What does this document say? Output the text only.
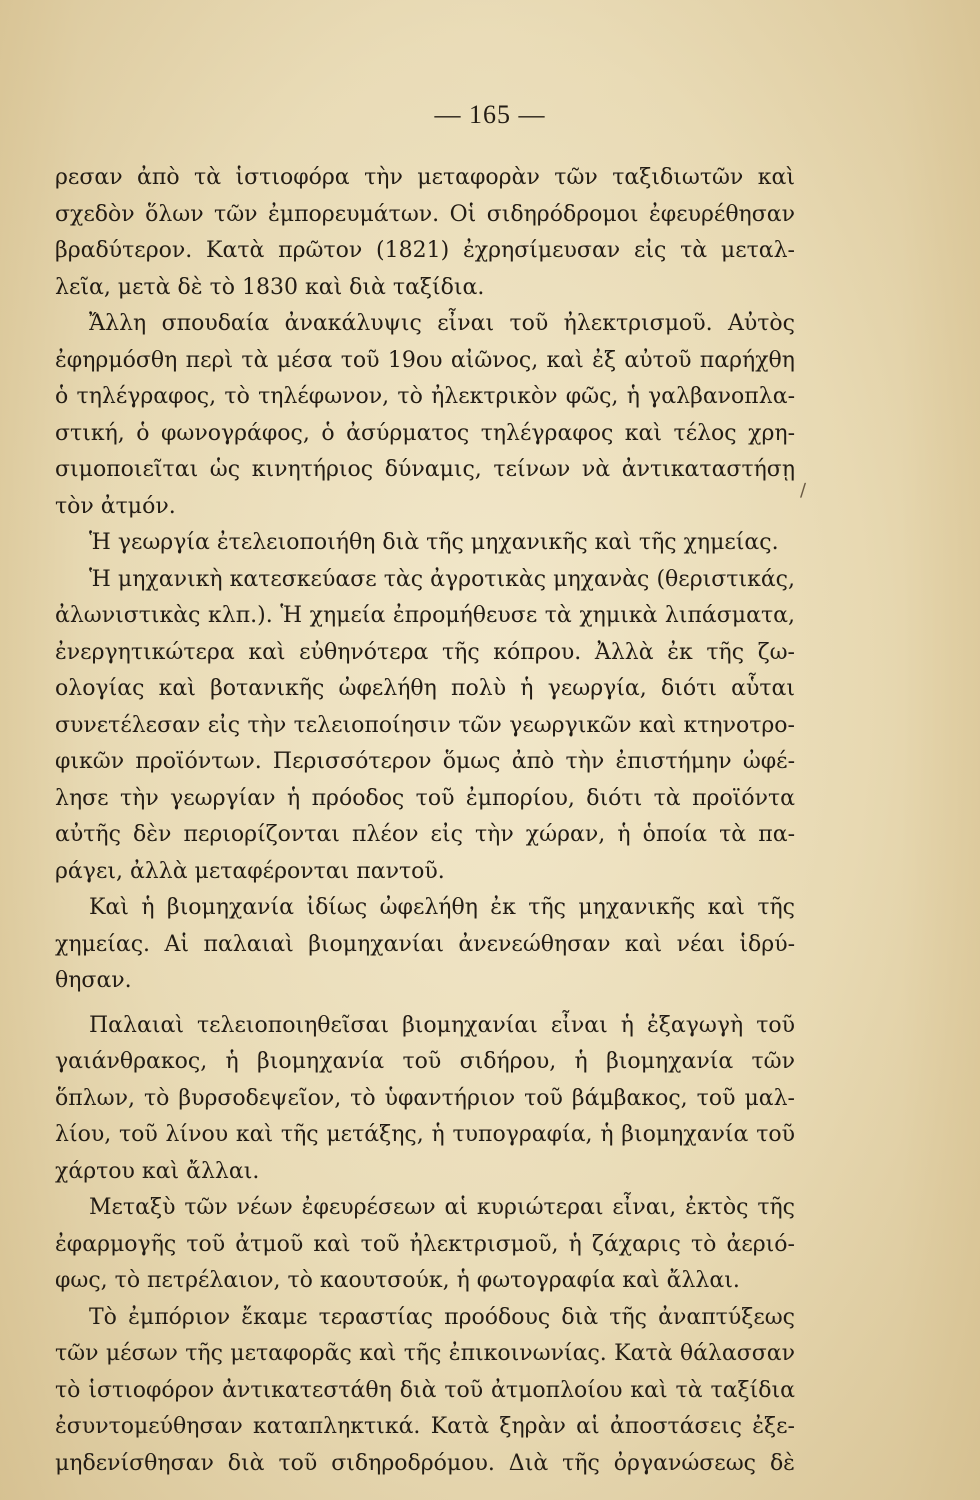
— 165 —
∕
ρεσαν ἀπὸ τὰ ἱστιοφόρα τὴν μεταφορὰν τῶν ταξιδιωτῶν καὶ
σχεδὸν ὅλων τῶν ἐμπορευμάτων. Οἱ σιδηρόδρομοι ἐφευρέθησαν
βραδύτερον. Κατὰ πρῶτον (1821) ἐχρησίμευσαν εἰς τὰ μεταλ-
λεῖα, μετὰ δὲ τὸ 1830 καὶ διὰ ταξίδια.
Ἄλλη σπουδαία ἀνακάλυψις εἶναι τοῦ ἠλεκτρισμοῦ. Αὐτὸς
ἐφηρμόσθη περὶ τὰ μέσα τοῦ 19ου αἰῶνος, καὶ ἐξ αὐτοῦ παρήχθη
ὁ τηλέγραφος, τὸ τηλέφωνον, τὸ ἠλεκτρικὸν φῶς, ἡ γαλβανοπλα-
στική, ὁ φωνογράφος, ὁ ἀσύρματος τηλέγραφος καὶ τέλος χρη-
σιμοποιεῖται ὡς κινητήριος δύναμις, τείνων νὰ ἀντικαταστήσῃ
τὸν ἀτμόν.
Ἡ γεωργία ἐτελειοποιήθη διὰ τῆς μηχανικῆς καὶ τῆς χημείας.
Ἡ μηχανικὴ κατεσκεύασε τὰς ἀγροτικὰς μηχανὰς (θεριστικάς,
ἀλωνιστικὰς κλπ.). Ἡ χημεία ἐπρομήθευσε τὰ χημικὰ λιπάσματα,
ἐνεργητικώτερα καὶ εὐθηνότερα τῆς κόπρου. Ἀλλὰ ἐκ τῆς ζω-
ολογίας καὶ βοτανικῆς ὠφελήθη πολὺ ἡ γεωργία, διότι αὗται
συνετέλεσαν εἰς τὴν τελειοποίησιν τῶν γεωργικῶν καὶ κτηνοτρο-
φικῶν προϊόντων. Περισσότερον ὅμως ἀπὸ τὴν ἐπιστήμην ὠφέ-
λησε τὴν γεωργίαν ἡ πρόοδος τοῦ ἐμπορίου, διότι τὰ προϊόντα
αὐτῆς δὲν περιορίζονται πλέον εἰς τὴν χώραν, ἡ ὁποία τὰ πα-
ράγει, ἀλλὰ μεταφέρονται παντοῦ.
Καὶ ἡ βιομηχανία ἰδίως ὠφελήθη ἐκ τῆς μηχανικῆς καὶ τῆς
χημείας. Αἱ παλαιαὶ βιομηχανίαι ἀνενεώθησαν καὶ νέαι ἱδρύ-
θησαν.
Παλαιαὶ τελειοποιηθεῖσαι βιομηχανίαι εἶναι ἡ ἐξαγωγὴ τοῦ
γαιάνθρακος, ἡ βιομηχανία τοῦ σιδήρου, ἡ βιομηχανία τῶν
ὅπλων, τὸ βυρσοδεψεῖον, τὸ ὑφαντήριον τοῦ βάμβακος, τοῦ μαλ-
λίου, τοῦ λίνου καὶ τῆς μετάξης, ἡ τυπογραφία, ἡ βιομηχανία τοῦ
χάρτου καὶ ἄλλαι.
Μεταξὺ τῶν νέων ἐφευρέσεων αἱ κυριώτεραι εἶναι, ἐκτὸς τῆς
ἐφαρμογῆς τοῦ ἀτμοῦ καὶ τοῦ ἠλεκτρισμοῦ, ἡ ζάχαρις τὸ ἀεριό-
φως, τὸ πετρέλαιον, τὸ καουτσούκ, ἡ φωτογραφία καὶ ἄλλαι.
Τὸ ἐμπόριον ἔκαμε τεραστίας προόδους διὰ τῆς ἀναπτύξεως
τῶν μέσων τῆς μεταφορᾶς καὶ τῆς ἐπικοινωνίας. Κατὰ θάλασσαν
τὸ ἱστιοφόρον ἀντικατεστάθη διὰ τοῦ ἀτμοπλοίου καὶ τὰ ταξίδια
ἐσυντομεύθησαν καταπληκτικά. Κατὰ ξηρὰν αἱ ἀποστάσεις ἐξε-
μηδενίσθησαν διὰ τοῦ σιδηροδρόμου. Διὰ τῆς ὀργανώσεως δὲ
